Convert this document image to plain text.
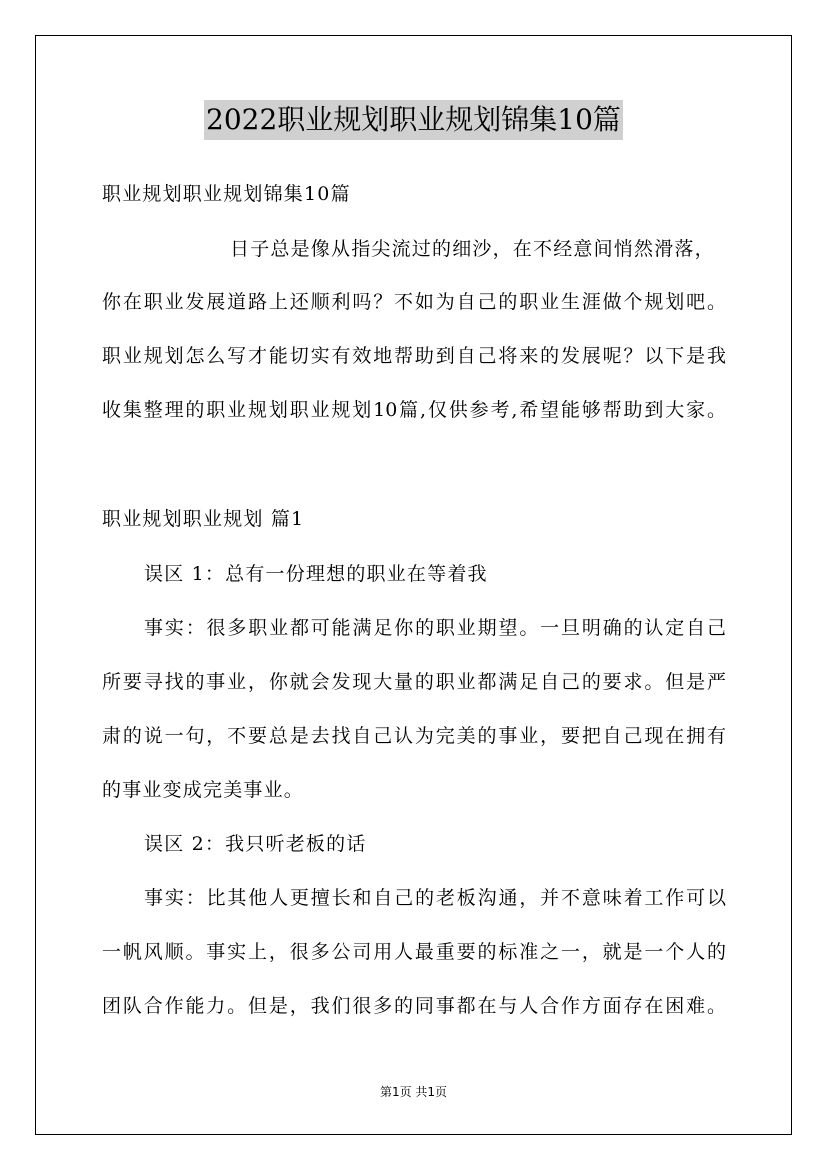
2022职业规划职业规划锦集10篇
职业规划职业规划锦集10篇
日子总是像从指尖流过的细沙，在不经意间悄然滑落，
你在职业发展道路上还顺利吗？不如为自己的职业生涯做个规划吧。
职业规划怎么写才能切实有效地帮助到自己将来的发展呢？以下是我
收集整理的职业规划职业规划10篇,仅供参考,希望能够帮助到大家。
职业规划职业规划 篇1
误区 1：总有一份理想的职业在等着我
事实：很多职业都可能满足你的职业期望。一旦明确的认定自己
所要寻找的事业，你就会发现大量的职业都满足自己的要求。但是严
肃的说一句，不要总是去找自己认为完美的事业，要把自己现在拥有
的事业变成完美事业。
误区 2：我只听老板的话
事实：比其他人更擅长和自己的老板沟通，并不意味着工作可以
一帆风顺。事实上，很多公司用人最重要的标准之一，就是一个人的
团队合作能力。但是，我们很多的同事都在与人合作方面存在困难。
第1页 共1页
